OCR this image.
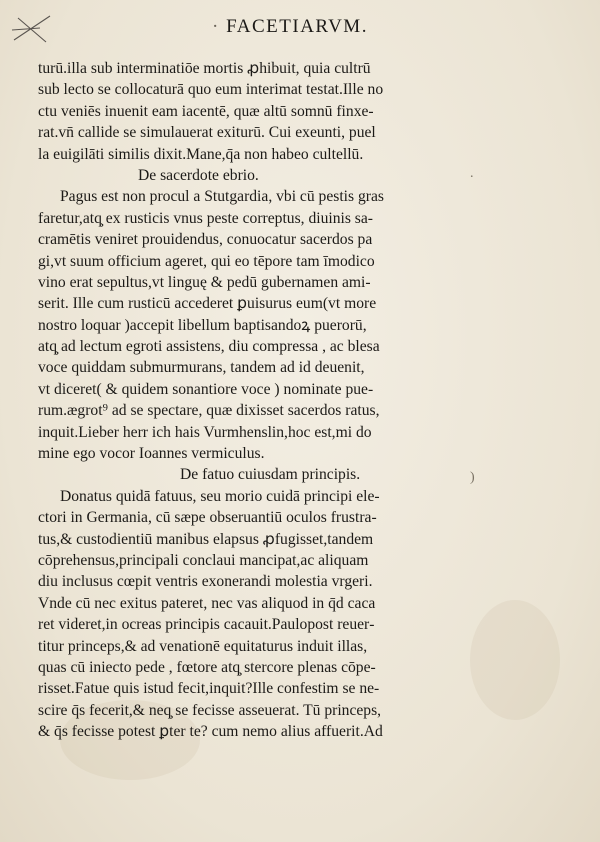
· FACETIARVM.
turū.illa sub interminatiōe mortis ꝓhibuit, quia cultrū
sub lecto se collocaturā quo eum interimat testat.Ille no
ctu veniēs inuenit eam iacentē, quæ altū somnū finxe‐
rat.vn̄ callide se simulauerat exiturū. Cui exeunti, puel
la euigilāti similis dixit.Mane,q̄a non habeo cultellū.
De sacerdote ebrio.
Pagus est non procul a Stutgardia, vbi cū pestis gras
faretur,atq̧ ex rusticis vnus peste correptus, diuinis sa‐
cramētis veniret prouidendus, conuocatur sacerdos pa
gi,vt suum officium ageret, qui eo tēpore tam īmodico
vino erat sepultus,vt linguę & pedū gubernamen ami‐
serit. Ille cum rusticū accederet ꝑuisurus eum(vt more
nostro loquar )accepit libellum baptisandoꝝ puerorū,
atq̧ ad lectum egroti assistens, diu compressa , ac blesa
voce quiddam submurmurans, tandem ad id deuenit,
vt diceret( & quidem sonantiore voce ) nominate pue‐
rum.ægrot⁹ ad se spectare, quæ dixisset sacerdos ratus,
inquit.Lieber herr ich hais Vurmhenslin,hoc est,mi do
mine ego vocor Ioannes vermiculus.
De fatuo cuiusdam principis.
Donatus quidā fatuus, seu morio cuidā principi ele‐
ctori in Germania, cū sæpe obseruantiū oculos frustra‐
tus,& custodientiū manibus elapsus ꝓfugisset,tandem
cōprehensus,principali conclaui mancipat,ac aliquam
diu inclusus cœpit ventris exonerandi molestia vrgeri.
Vnde cū nec exitus pateret, nec vas aliquod in q̄d caca
ret videret,in ocreas principis cacauit.Paulopost reuer‐
titur princeps,& ad venationē equitaturus induit illas,
quas cū iniecto pede , fœtore atq̧ stercore plenas cōpe‐
risset.Fatue quis istud fecit,inquit?Ille confestim se ne‐
scire q̄s fecerit,& neq̧ se fecisse asseuerat. Tū princeps,
& q̄s fecisse potest ꝑter te? cum nemo alius affuerit.Ad
.
)
